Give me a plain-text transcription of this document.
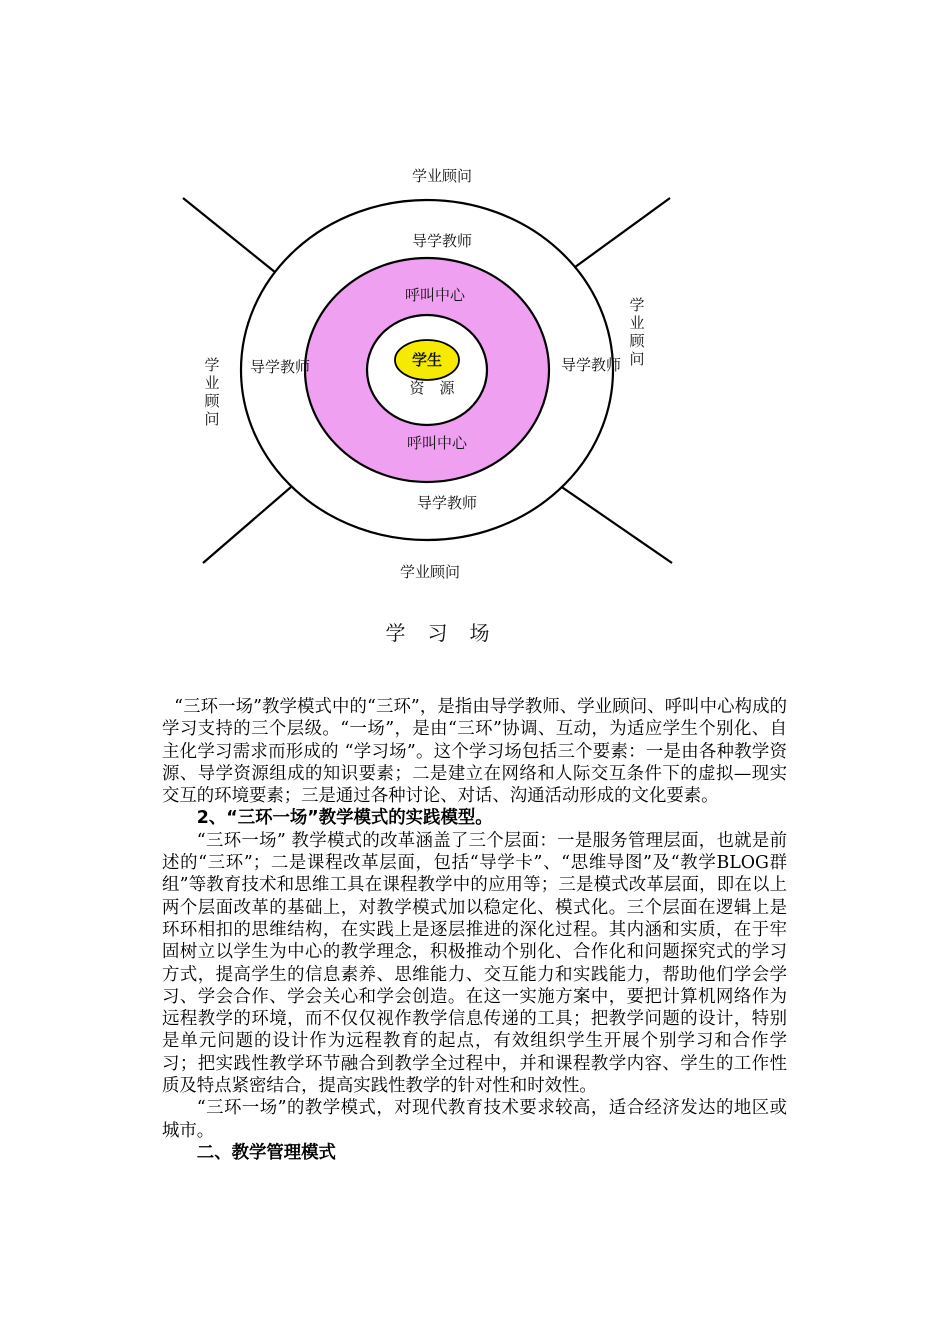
学业顾问
学业顾问
导学教师
导学教师
导学教师	导学教师
呼叫中心
呼叫中心
学生
资　源
学业顾问
学业顾问
学　习　场

“三环一场”教学模式中的“三环”，是指由导学教师、学业顾问、呼叫中心构成的学习支持的三个层级。“一场”，是由“三环”协调、互动，为适应学生个别化、自主化学习需求而形成的 “学习场”。这个学习场包括三个要素：一是由各种教学资源、导学资源组成的知识要素；二是建立在网络和人际交互条件下的虚拟—现实交互的环境要素；三是通过各种讨论、对话、沟通活动形成的文化要素。

2、“三环一场”教学模式的实践模型。

“三环一场” 教学模式的改革涵盖了三个层面：一是服务管理层面，也就是前述的“三环”；二是课程改革层面，包括“导学卡”、“思维导图”及“教学BLOG群组”等教育技术和思维工具在课程教学中的应用等；三是模式改革层面，即在以上两个层面改革的基础上，对教学模式加以稳定化、模式化。三个层面在逻辑上是环环相扣的思维结构，在实践上是逐层推进的深化过程。其内涵和实质，在于牢固树立以学生为中心的教学理念，积极推动个别化、合作化和问题探究式的学习方式，提高学生的信息素养、思维能力、交互能力和实践能力，帮助他们学会学习、学会合作、学会关心和学会创造。在这一实施方案中，要把计算机网络作为远程教学的环境，而不仅仅视作教学信息传递的工具；把教学问题的设计，特别是单元问题的设计作为远程教育的起点，有效组织学生开展个别学习和合作学习；把实践性教学环节融合到教学全过程中，并和课程教学内容、学生的工作性质及特点紧密结合，提高实践性教学的针对性和时效性。

“三环一场”的教学模式，对现代教育技术要求较高，适合经济发达的地区或城市。

二、教学管理模式
